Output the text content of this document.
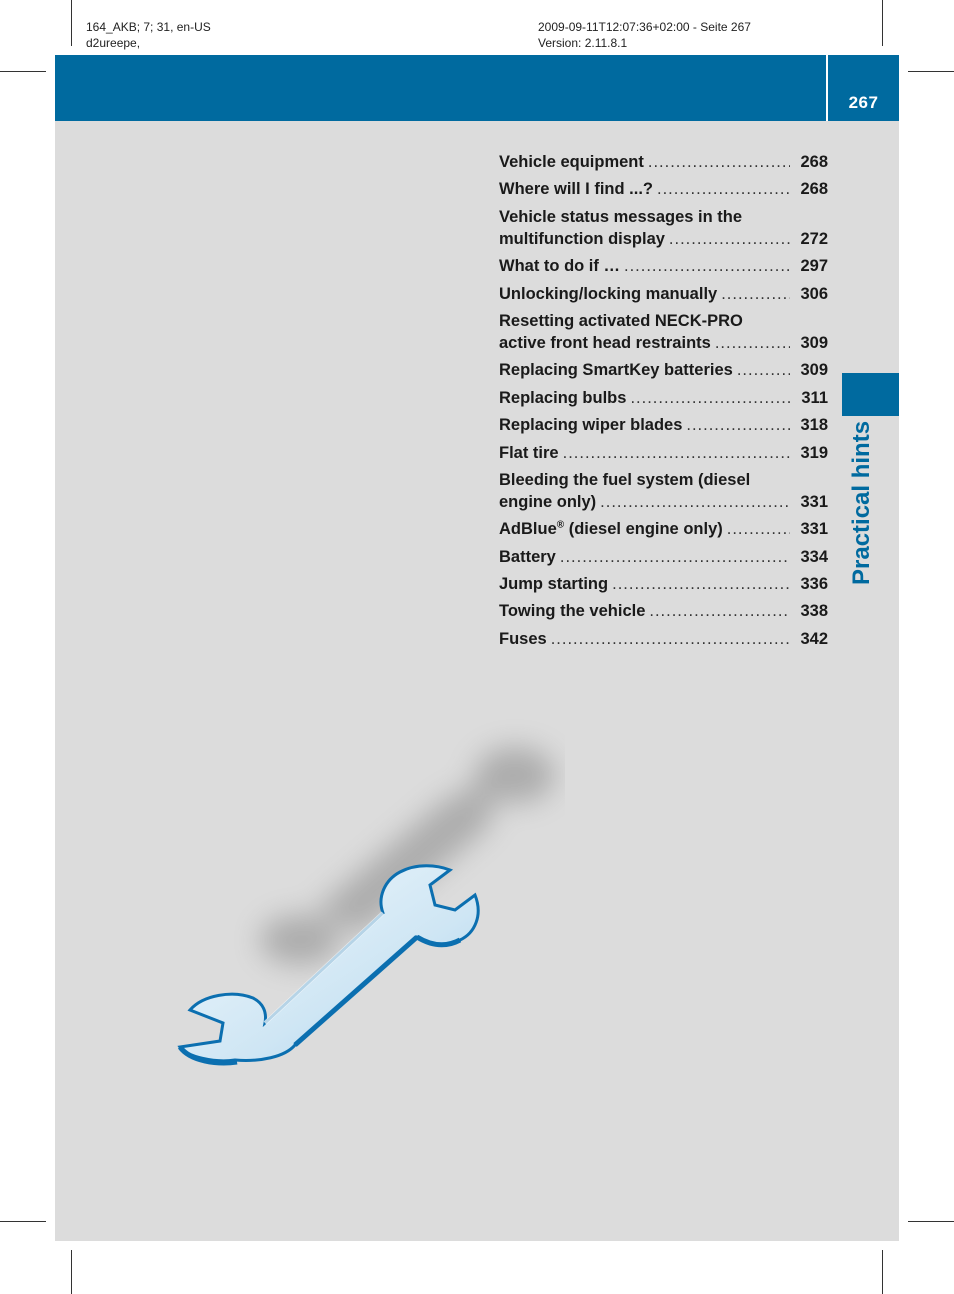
164_AKB; 7; 31, en-US
d2ureepe,
2009-09-11T12:07:36+02:00 - Seite 267
Version: 2.11.8.1
267
Practical hints
Vehicle equipment .....	268
Where will I find ...? .....	268
Vehicle status messages in the
multifunction display .....	272
What to do if … .....	297
Unlocking/locking manually .....	306
Resetting activated NECK-PRO
active front head restraints .....	309
Replacing SmartKey batteries .....	309
Replacing bulbs .....	311
Replacing wiper blades .....	318
Flat tire .....	319
Bleeding the fuel system (diesel
engine only) .....	331
AdBlue® (diesel engine only) .....	331
Battery .....	334
Jump starting .....	336
Towing the vehicle .....	338
Fuses .....	342
